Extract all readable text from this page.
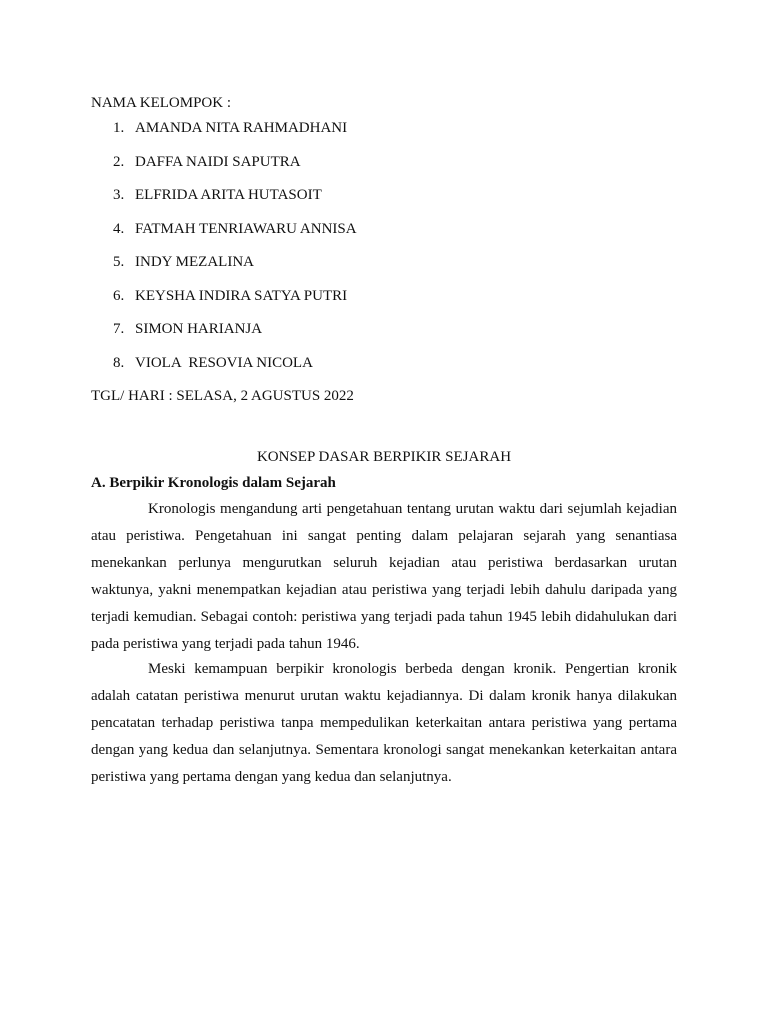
NAMA KELOMPOK :
1. AMANDA NITA RAHMADHANI
2. DAFFA NAIDI SAPUTRA
3. ELFRIDA ARITA HUTASOIT
4. FATMAH TENRIAWARU ANNISA
5. INDY MEZALINA
6. KEYSHA INDIRA SATYA PUTRI
7. SIMON HARIANJA
8. VIOLA  RESOVIA NICOLA
TGL/ HARI : SELASA, 2 AGUSTUS 2022
KONSEP DASAR BERPIKIR SEJARAH
A. Berpikir Kronologis dalam Sejarah

Kronologis mengandung arti pengetahuan tentang urutan waktu dari sejumlah kejadian atau peristiwa. Pengetahuan ini sangat penting dalam pelajaran sejarah yang senantiasa menekankan perlunya mengurutkan seluruh kejadian atau peristiwa berdasarkan urutan waktunya, yakni menempatkan kejadian atau peristiwa yang terjadi lebih dahulu daripada yang terjadi kemudian. Sebagai contoh: peristiwa yang terjadi pada tahun 1945 lebih didahulukan dari pada peristiwa yang terjadi pada tahun 1946.

Meski kemampuan berpikir kronologis berbeda dengan kronik. Pengertian kronik adalah catatan peristiwa menurut urutan waktu kejadiannya. Di dalam kronik hanya dilakukan pencatatan terhadap peristiwa tanpa mempedulikan keterkaitan antara peristiwa yang pertama dengan yang kedua dan selanjutnya. Sementara kronologi sangat menekankan keterkaitan antara peristiwa yang pertama dengan yang kedua dan selanjutnya.
